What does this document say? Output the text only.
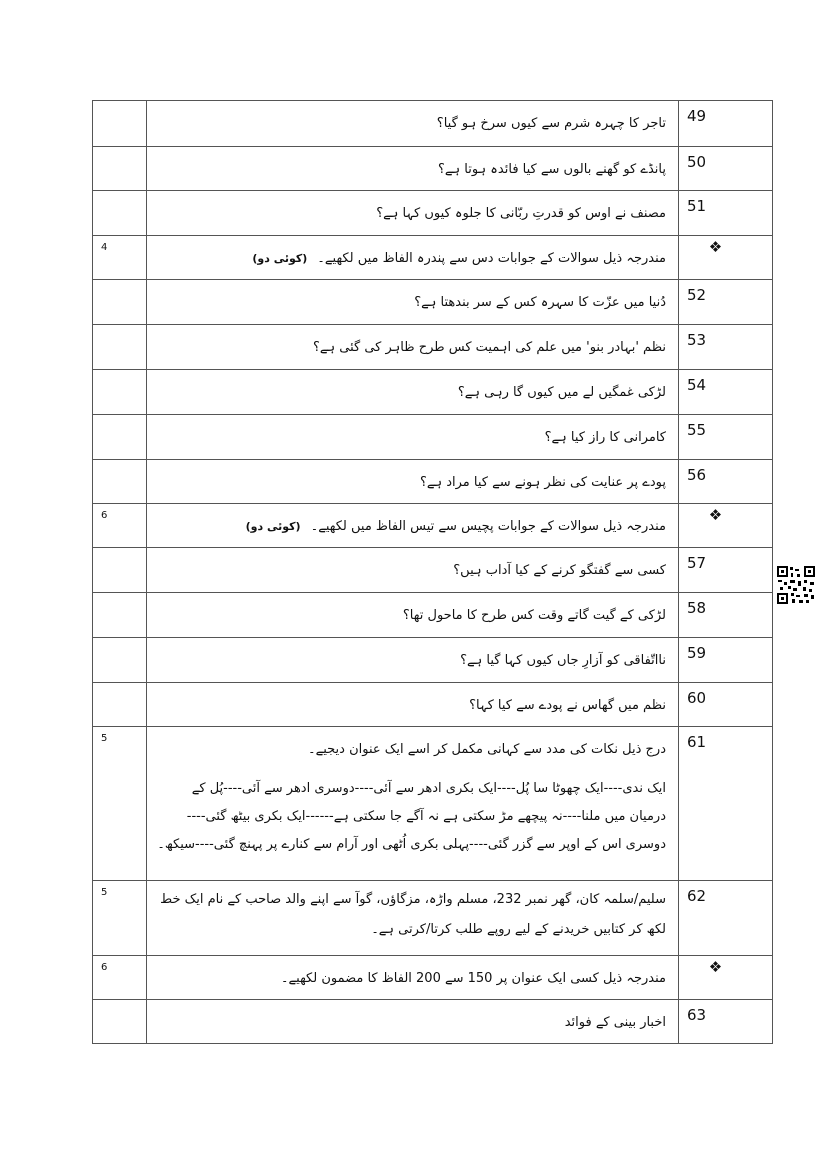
	تاجر کا چہرہ شرم سے کیوں سرخ ہو گیا؟	49
	پانڈے کو گھنے بالوں سے کیا فائدہ ہوتا ہے؟	50
	مصنف نے اوس کو قدرتِ ربّانی کا جلوہ کیوں کہا ہے؟	51
4	مندرجہ ذیل سوالات کے جوابات دس سے پندرہ الفاظ میں لکھیے۔(کوئی دو)	❖
	دُنیا میں عزّت کا سہرہ کس کے سر بندھتا ہے؟	52
	نظم 'بہادر بنو' میں علم کی اہمیت کس طرح ظاہر کی گئی ہے؟	53
	لڑکی غمگیں لے میں کیوں گا رہی ہے؟	54
	کامرانی کا راز کیا ہے؟	55
	پودے پر عنایت کی نظر ہونے سے کیا مراد ہے؟	56
6	مندرجہ ذیل سوالات کے جوابات پچیس سے تیس الفاظ میں لکھیے۔(کوئی دو)	❖
	کسی سے گفتگو کرنے کے کیا آداب ہیں؟	57
	لڑکی کے گیت گاتے وقت کس طرح کا ماحول تھا؟	58
	نااتّفاقی کو آزارِ جاں کیوں کہا گیا ہے؟	59
	نظم میں گھاس نے پودے سے کیا کہا؟	60
5	درج ذیل نکات کی مدد سے کہانی مکمل کر اسے ایک عنوان دیجیے۔

ایک ندی----ایک چھوٹا سا پُل----ایک بکری ادھر سے آئی----دوسری ادھر سے آئی----پُل کے درمیان میں ملنا----نہ پیچھے مڑ سکتی ہے نہ آگے جا سکتی ہے------ایک بکری بیٹھ گئی----دوسری اس کے اوپر سے گزر گئی----پہلی بکری اُٹھی اور آرام سے کنارے پر پہنچ گئی----سیکھ۔	61
5	سلیم/سلمہ کان، گھر نمبر 232، مسلم واڑہ، مزگاؤں، گوآ سے اپنے والد صاحب کے نام ایک خط لکھ کر کتابیں خریدنے کے لیے روپے طلب کرتا/کرتی ہے۔	62
6	مندرجہ ذیل کسی ایک عنوان پر 150 سے 200 الفاظ کا مضمون لکھیے۔	❖
	اخبار بینی کے فوائد	63
